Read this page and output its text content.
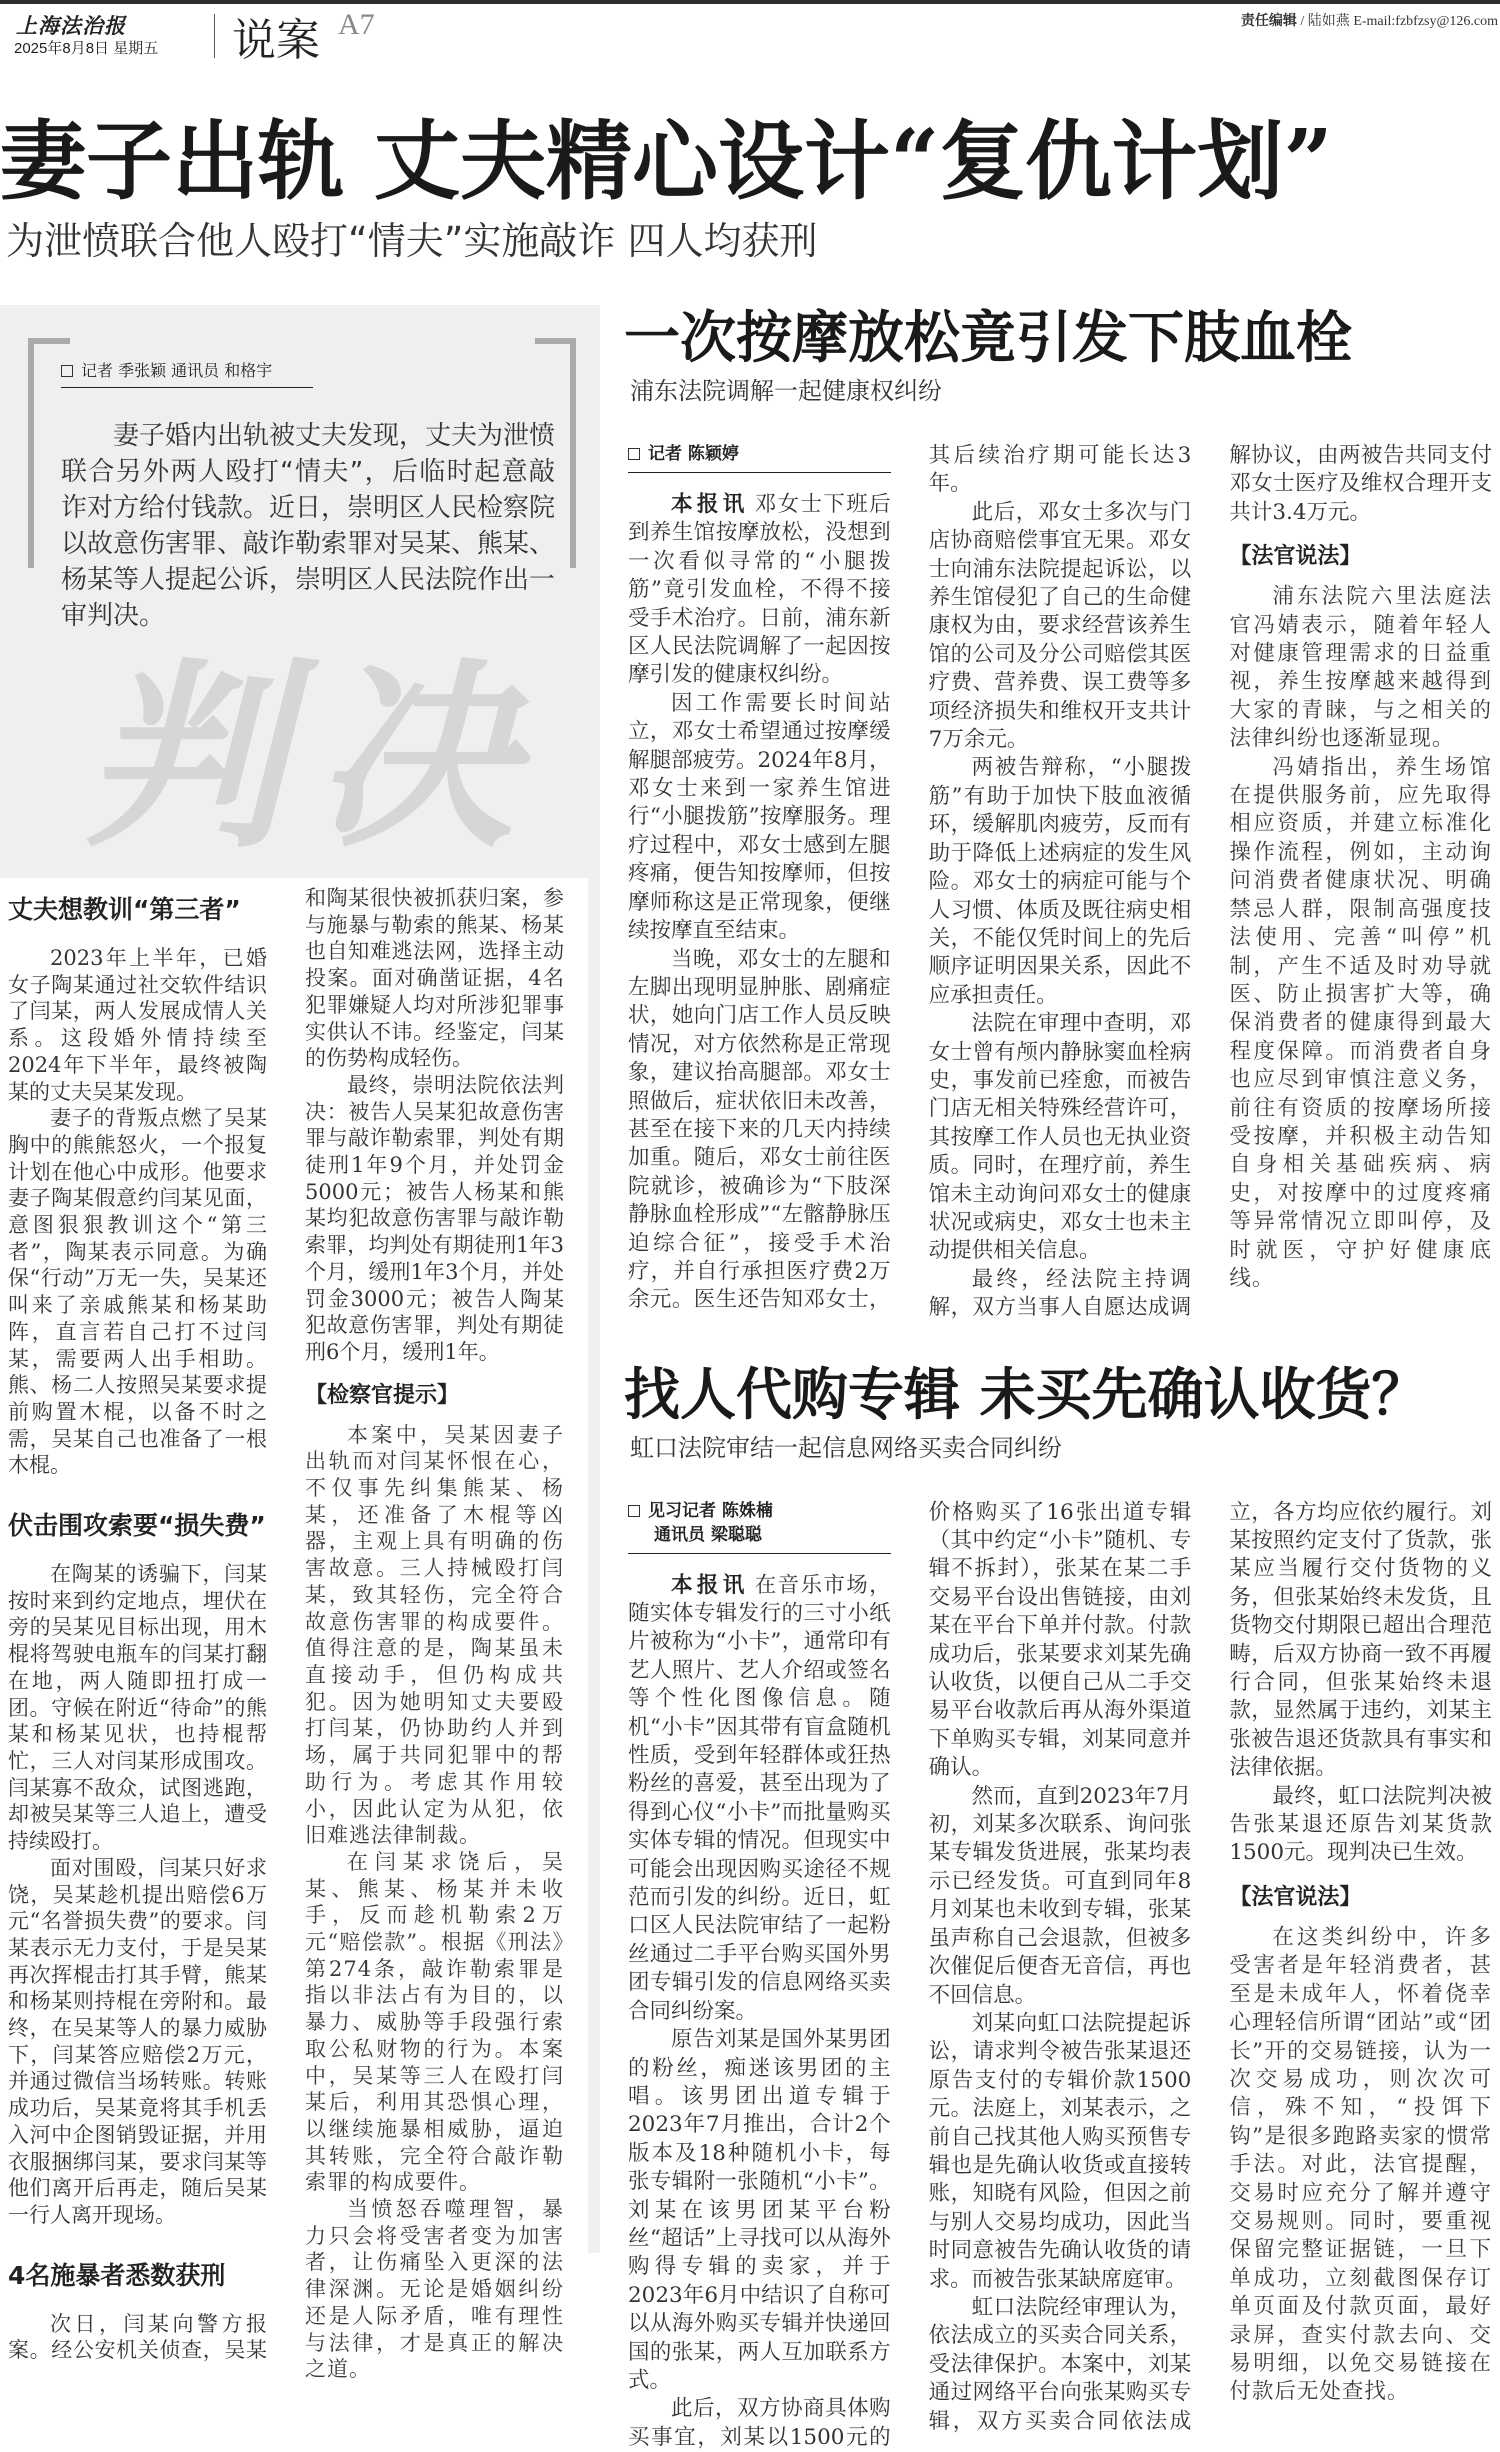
上海法治报
2025年8月8日 星期五 说案 A7	责任编辑 / 陆如燕 E-mail:fzbfzsy@126.com
妻子出轨 丈夫精心设计“复仇计划”
为泄愤联合他人殴打“情夫”实施敲诈 四人均获刑
记者 季张颖 通讯员 和格宇

妻子婚内出轨被丈夫发现，丈夫为泄愤联合另外两人殴打“情夫”，后临时起意敲诈对方给付钱款。近日，崇明区人民检察院以故意伤害罪、敲诈勒索罪对吴某、熊某、杨某等人提起公诉，崇明区人民法院作出一审判决。

判决
丈夫想教训“第三者”

2023年上半年，已婚女子陶某通过社交软件结识了闫某，两人发展成情人关系。这段婚外情持续至2024年下半年，最终被陶某的丈夫吴某发现。

妻子的背叛点燃了吴某胸中的熊熊怒火，一个报复计划在他心中成形。他要求妻子陶某假意约闫某见面，意图狠狠教训这个“第三者”，陶某表示同意。为确保“行动”万无一失，吴某还叫来了亲戚熊某和杨某助阵，直言若自己打不过闫某，需要两人出手相助。熊、杨二人按照吴某要求提前购置木棍，以备不时之需，吴某自己也准备了一根木棍。

伏击围攻索要“损失费”

在陶某的诱骗下，闫某按时来到约定地点，埋伏在旁的吴某见目标出现，用木棍将驾驶电瓶车的闫某打翻在地，两人随即扭打成一团。守候在附近“待命”的熊某和杨某见状，也持棍帮忙，三人对闫某形成围攻。闫某寡不敌众，试图逃跑，却被吴某等三人追上，遭受持续殴打。

面对围殴，闫某只好求饶，吴某趁机提出赔偿6万元“名誉损失费”的要求。闫某表示无力支付，于是吴某再次挥棍击打其手臂，熊某和杨某则持棍在旁附和。最终，在吴某等人的暴力威胁下，闫某答应赔偿2万元，并通过微信当场转账。转账成功后，吴某竟将其手机丢入河中企图销毁证据，并用衣服捆绑闫某，要求闫某等他们离开后再走，随后吴某一行人离开现场。

4名施暴者悉数获刑

次日，闫某向警方报案。经公安机关侦查，吴某和陶某很快被抓获归案，参与施暴与勒索的熊某、杨某也自知难逃法网，选择主动投案。面对确凿证据，4名犯罪嫌疑人均对所涉犯罪事实供认不讳。经鉴定，闫某的伤势构成轻伤。

最终，崇明法院依法判决：被告人吴某犯故意伤害罪与敲诈勒索罪，判处有期徒刑1年9个月，并处罚金5000元；被告人杨某和熊某均犯故意伤害罪与敲诈勒索罪，均判处有期徒刑1年3个月，缓刑1年3个月，并处罚金3000元；被告人陶某犯故意伤害罪，判处有期徒刑6个月，缓刑1年。

【检察官提示】

本案中，吴某因妻子出轨而对闫某怀恨在心，不仅事先纠集熊某、杨某，还准备了木棍等凶器，主观上具有明确的伤害故意。三人持械殴打闫某，致其轻伤，完全符合故意伤害罪的构成要件。值得注意的是，陶某虽未直接动手，但仍构成共犯。因为她明知丈夫要殴打闫某，仍协助约人并到场，属于共同犯罪中的帮助行为。考虑其作用较小，因此认定为从犯，依旧难逃法律制裁。

在闫某求饶后，吴某、熊某、杨某并未收手，反而趁机勒索2万元“赔偿款”。根据《刑法》第274条，敲诈勒索罪是指以非法占有为目的，以暴力、威胁等手段强行索取公私财物的行为。本案中，吴某等三人在殴打闫某后，利用其恐惧心理，以继续施暴相威胁，逼迫其转账，完全符合敲诈勒索罪的构成要件。

当愤怒吞噬理智，暴力只会将受害者变为加害者，让伤痛坠入更深的法律深渊。无论是婚姻纠纷还是人际矛盾，唯有理性与法律，才是真正的解决之道。

一次按摩放松竟引发下肢血栓
浦东法院调解一起健康权纠纷
记者 陈颖婷

本报讯 邓女士下班后到养生馆按摩放松，没想到一次看似寻常的“小腿拨筋”竟引发血栓，不得不接受手术治疗。日前，浦东新区人民法院调解了一起因按摩引发的健康权纠纷。

因工作需要长时间站立，邓女士希望通过按摩缓解腿部疲劳。2024年8月，邓女士来到一家养生馆进行“小腿拨筋”按摩服务。理疗过程中，邓女士感到左腿疼痛，便告知按摩师，但按摩师称这是正常现象，便继续按摩直至结束。

当晚，邓女士的左腿和左脚出现明显肿胀、剧痛症状，她向门店工作人员反映情况，对方依然称是正常现象，建议抬高腿部。邓女士照做后，症状依旧未改善，甚至在接下来的几天内持续加重。随后，邓女士前往医院就诊，被确诊为“下肢深静脉血栓形成”“左髂静脉压迫综合征”，接受手术治疗，并自行承担医疗费2万余元。医生还告知邓女士，其后续治疗期可能长达3年。

此后，邓女士多次与门店协商赔偿事宜无果。邓女士向浦东法院提起诉讼，以养生馆侵犯了自己的生命健康权为由，要求经营该养生馆的公司及分公司赔偿其医疗费、营养费、误工费等多项经济损失和维权开支共计7万余元。

两被告辩称，“小腿拨筋”有助于加快下肢血液循环，缓解肌肉疲劳，反而有助于降低上述病症的发生风险。邓女士的病症可能与个人习惯、体质及既往病史相关，不能仅凭时间上的先后顺序证明因果关系，因此不应承担责任。

法院在审理中查明，邓女士曾有颅内静脉窦血栓病史，事发前已痊愈，而被告门店无相关特殊经营许可，其按摩工作人员也无执业资质。同时，在理疗前，养生馆未主动询问邓女士的健康状况或病史，邓女士也未主动提供相关信息。

最终，经法院主持调解，双方当事人自愿达成调解协议，由两被告共同支付邓女士医疗及维权合理开支共计3.4万元。

【法官说法】

浦东法院六里法庭法官冯婧表示，随着年轻人对健康管理需求的日益重视，养生按摩越来越得到大家的青睐，与之相关的法律纠纷也逐渐显现。

冯婧指出，养生场馆在提供服务前，应先取得相应资质，并建立标准化操作流程，例如，主动询问消费者健康状况、明确禁忌人群，限制高强度技法使用、完善“叫停”机制，产生不适及时劝导就医、防止损害扩大等，确保消费者的健康得到最大程度保障。而消费者自身也应尽到审慎注意义务，前往有资质的按摩场所接受按摩，并积极主动告知自身相关基础疾病、病史，对按摩中的过度疼痛等异常情况立即叫停，及时就医，守护好健康底线。

找人代购专辑 未买先确认收货？
虹口法院审结一起信息网络买卖合同纠纷
见习记者 陈姝楠
通讯员 梁聪聪

本报讯 在音乐市场，随实体专辑发行的三寸小纸片被称为“小卡”，通常印有艺人照片、艺人介绍或签名等个性化图像信息。随机“小卡”因其带有盲盒随机性质，受到年轻群体或狂热粉丝的喜爱，甚至出现为了得到心仪“小卡”而批量购买实体专辑的情况。但现实中可能会出现因购买途径不规范而引发的纠纷。近日，虹口区人民法院审结了一起粉丝通过二手平台购买国外男团专辑引发的信息网络买卖合同纠纷案。

原告刘某是国外某男团的粉丝，痴迷该男团的主唱。该男团出道专辑于2023年7月推出，合计2个版本及18种随机小卡，每张专辑附一张随机“小卡”。刘某在该男团某平台粉丝“超话”上寻找可以从海外购得专辑的卖家，并于2023年6月中结识了自称可以从海外购买专辑并快递回国的张某，两人互加联系方式。

此后，双方协商具体购买事宜，刘某以1500元的价格购买了16张出道专辑（其中约定“小卡”随机、专辑不拆封），张某在某二手交易平台设出售链接，由刘某在平台下单并付款。付款成功后，张某要求刘某先确认收货，以便自己从二手交易平台收款后再从海外渠道下单购买专辑，刘某同意并确认。

然而，直到2023年7月初，刘某多次联系、询问张某专辑发货进展，张某均表示已经发货。可直到同年8月刘某也未收到专辑，张某虽声称自己会退款，但被多次催促后便杳无音信，再也不回信息。

刘某向虹口法院提起诉讼，请求判令被告张某退还原告支付的专辑价款1500元。法庭上，刘某表示，之前自己找其他人购买预售专辑也是先确认收货或直接转账，知晓有风险，但因之前与别人交易均成功，因此当时同意被告先确认收货的请求。而被告张某缺席庭审。

虹口法院经审理认为，依法成立的买卖合同关系，受法律保护。本案中，刘某通过网络平台向张某购买专辑，双方买卖合同依法成立，各方均应依约履行。刘某按照约定支付了货款，张某应当履行交付货物的义务，但张某始终未发货，且货物交付期限已超出合理范畴，后双方协商一致不再履行合同，但张某始终未退款，显然属于违约，刘某主张被告退还货款具有事实和法律依据。

最终，虹口法院判决被告张某退还原告刘某货款1500元。现判决已生效。

【法官说法】

在这类纠纷中，许多受害者是年轻消费者，甚至是未成年人，怀着侥幸心理轻信所谓“团站”或“团长”开的交易链接，认为一次交易成功，则次次可信，殊不知，“投饵下钩”是很多跑路卖家的惯常手法。对此，法官提醒，交易时应充分了解并遵守交易规则。同时，要重视保留完整证据链，一旦下单成功，立刻截图保存订单页面及付款页面，最好录屏，查实付款去向、交易明细，以免交易链接在付款后无处查找。
